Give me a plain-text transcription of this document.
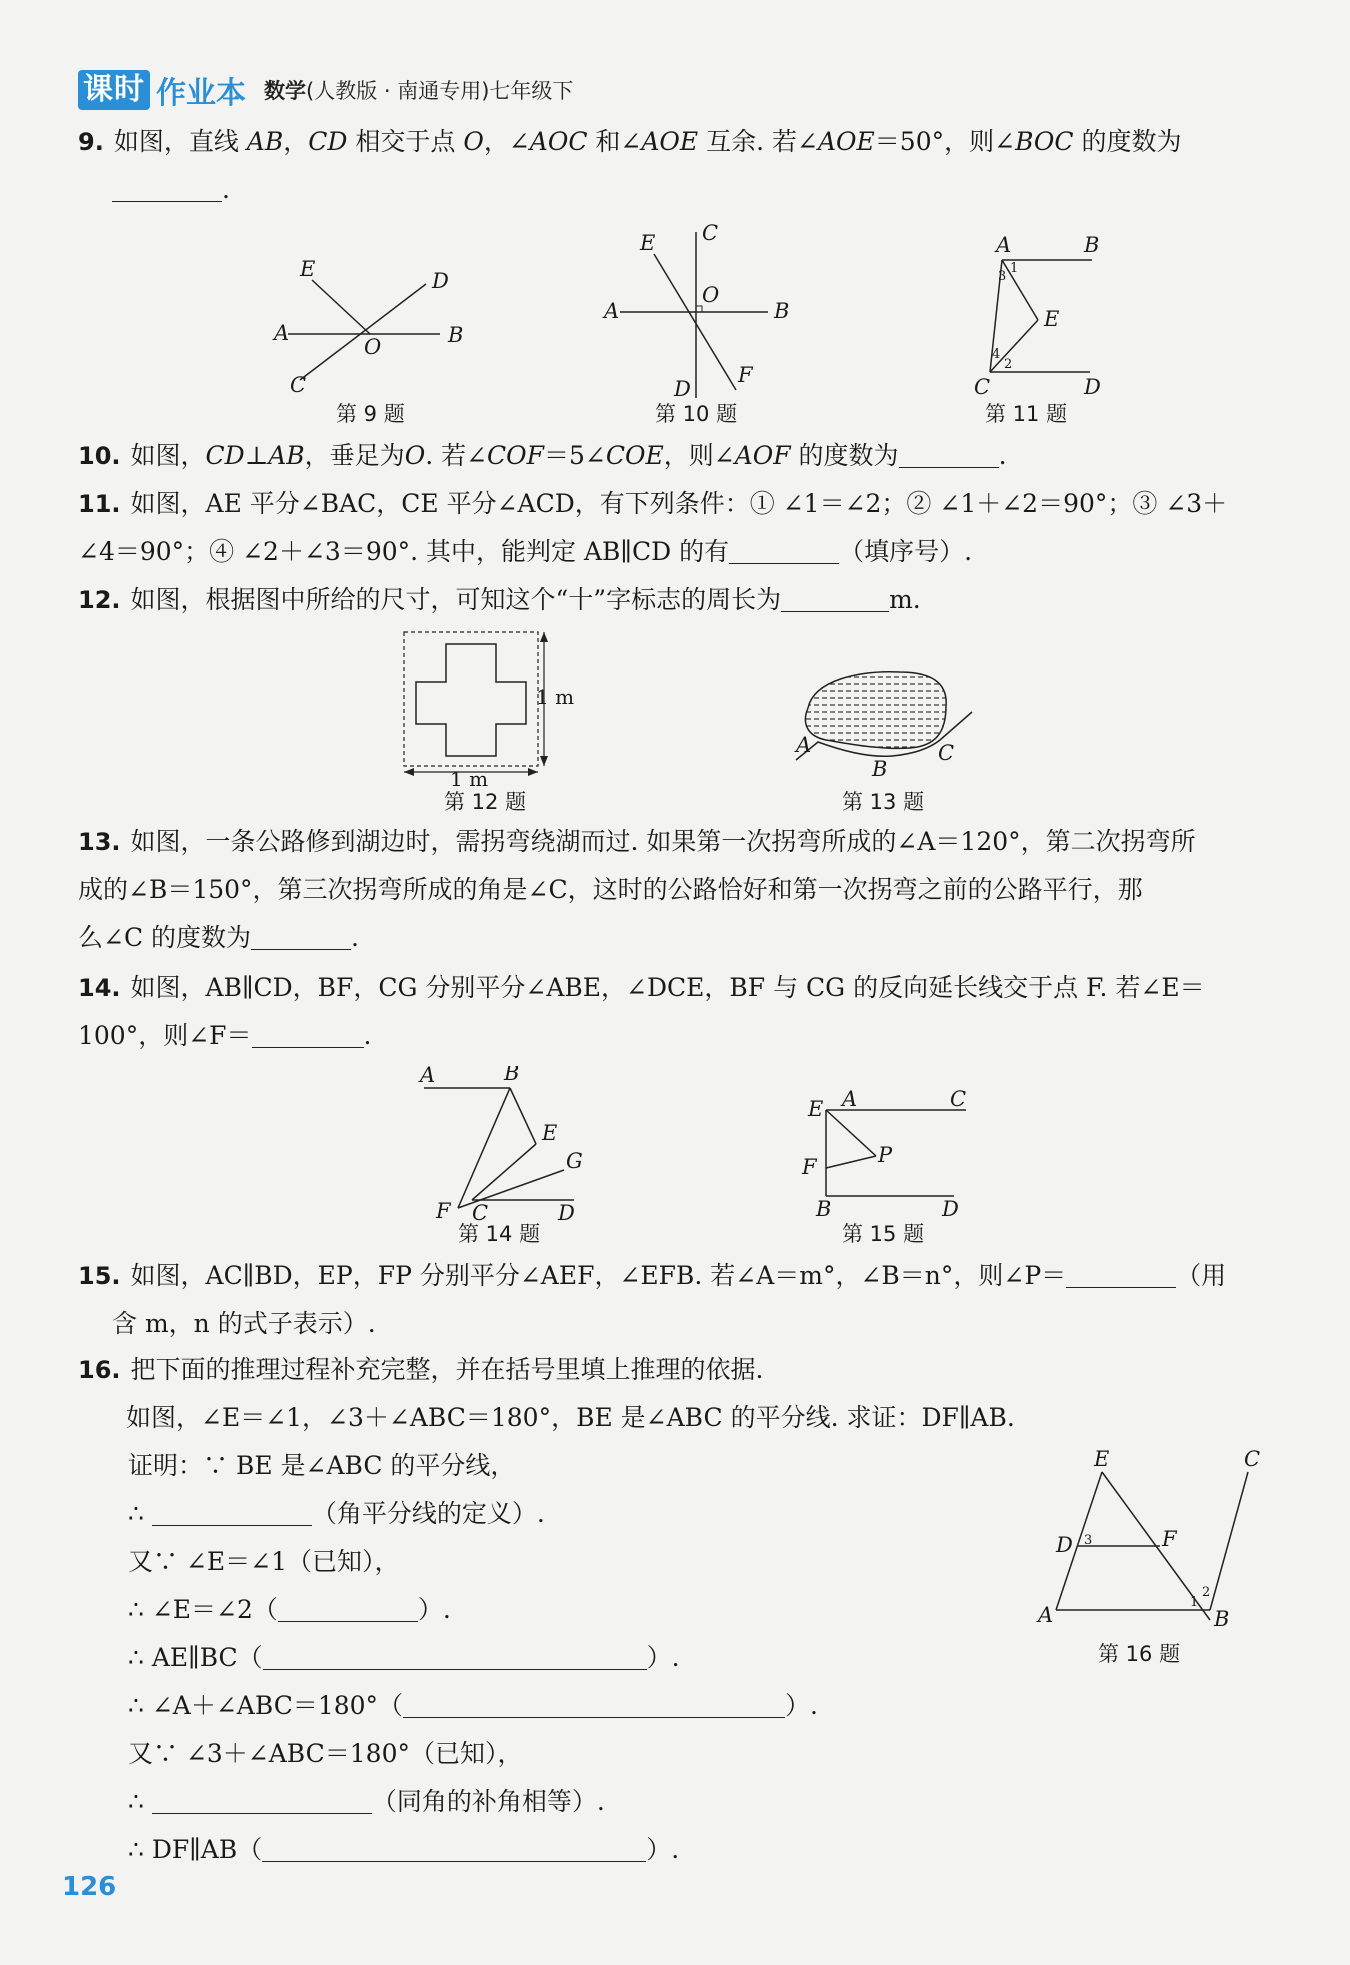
课时 作业本 数学(人教版 · 南通专用)七年级下
9. 如图，直线 AB，CD 相交于点 O，∠AOC 和∠AOE 互余. 若∠AOE＝50°，则∠BOC 的度数为
.
E	D
A
O	B
C
第 9 题
E C
O
A	B
D
F
第 10 题
A	B
1
3
E
4
2
C	D
第 11 题
10. 如图，CD⊥AB，垂足为O. 若∠COF＝5∠COE，则∠AOF 的度数为	.
11. 如图，AE 平分∠BAC，CE 平分∠ACD，有下列条件：① ∠1＝∠2；② ∠1＋∠2＝90°；③ ∠3＋
∠4＝90°；④ ∠2＋∠3＝90°. 其中，能判定 AB∥CD 的有	（填序号）.
12. 如图，根据图中所给的尺寸，可知这个“十”字标志的周长为	m.
1 m
1 m
第 12 题
A
B
C
第 13 题
13. 如图，一条公路修到湖边时，需拐弯绕湖而过. 如果第一次拐弯所成的∠A＝120°，第二次拐弯所
成的∠B＝150°，第三次拐弯所成的角是∠C，这时的公路恰好和第一次拐弯之前的公路平行，那
么∠C 的度数为	.
14. 如图，AB∥CD，BF，CG 分别平分∠ABE，∠DCE，BF 与 CG 的反向延长线交于点 F. 若∠E＝
100°，则∠F＝	.
A	B
E
G
F C	D
第 14 题
E A	C
F	P
B	D
第 15 题
15. 如图，AC∥BD，EP，FP 分别平分∠AEF，∠EFB. 若∠A＝m°，∠B＝n°，则∠P＝	（用
含 m，n 的式子表示）.
16. 把下面的推理过程补充完整，并在括号里填上推理的依据.
如图，∠E＝∠1，∠3＋∠ABC＝180°，BE 是∠ABC 的平分线. 求证：DF∥AB.
证明：∵ BE 是∠ABC 的平分线，
∴	（角平分线的定义）.
又∵ ∠E＝∠1（已知），
∴ ∠E＝∠2（	）.
∴ AE∥BC（	）.
∴ ∠A＋∠ABC＝180°（	）.
又∵ ∠3＋∠ABC＝180°（已知），
∴	（同角的补角相等）.
∴ DF∥AB（	）.
E	C
D 3	F
A
1
2
B
第 16 题
126
